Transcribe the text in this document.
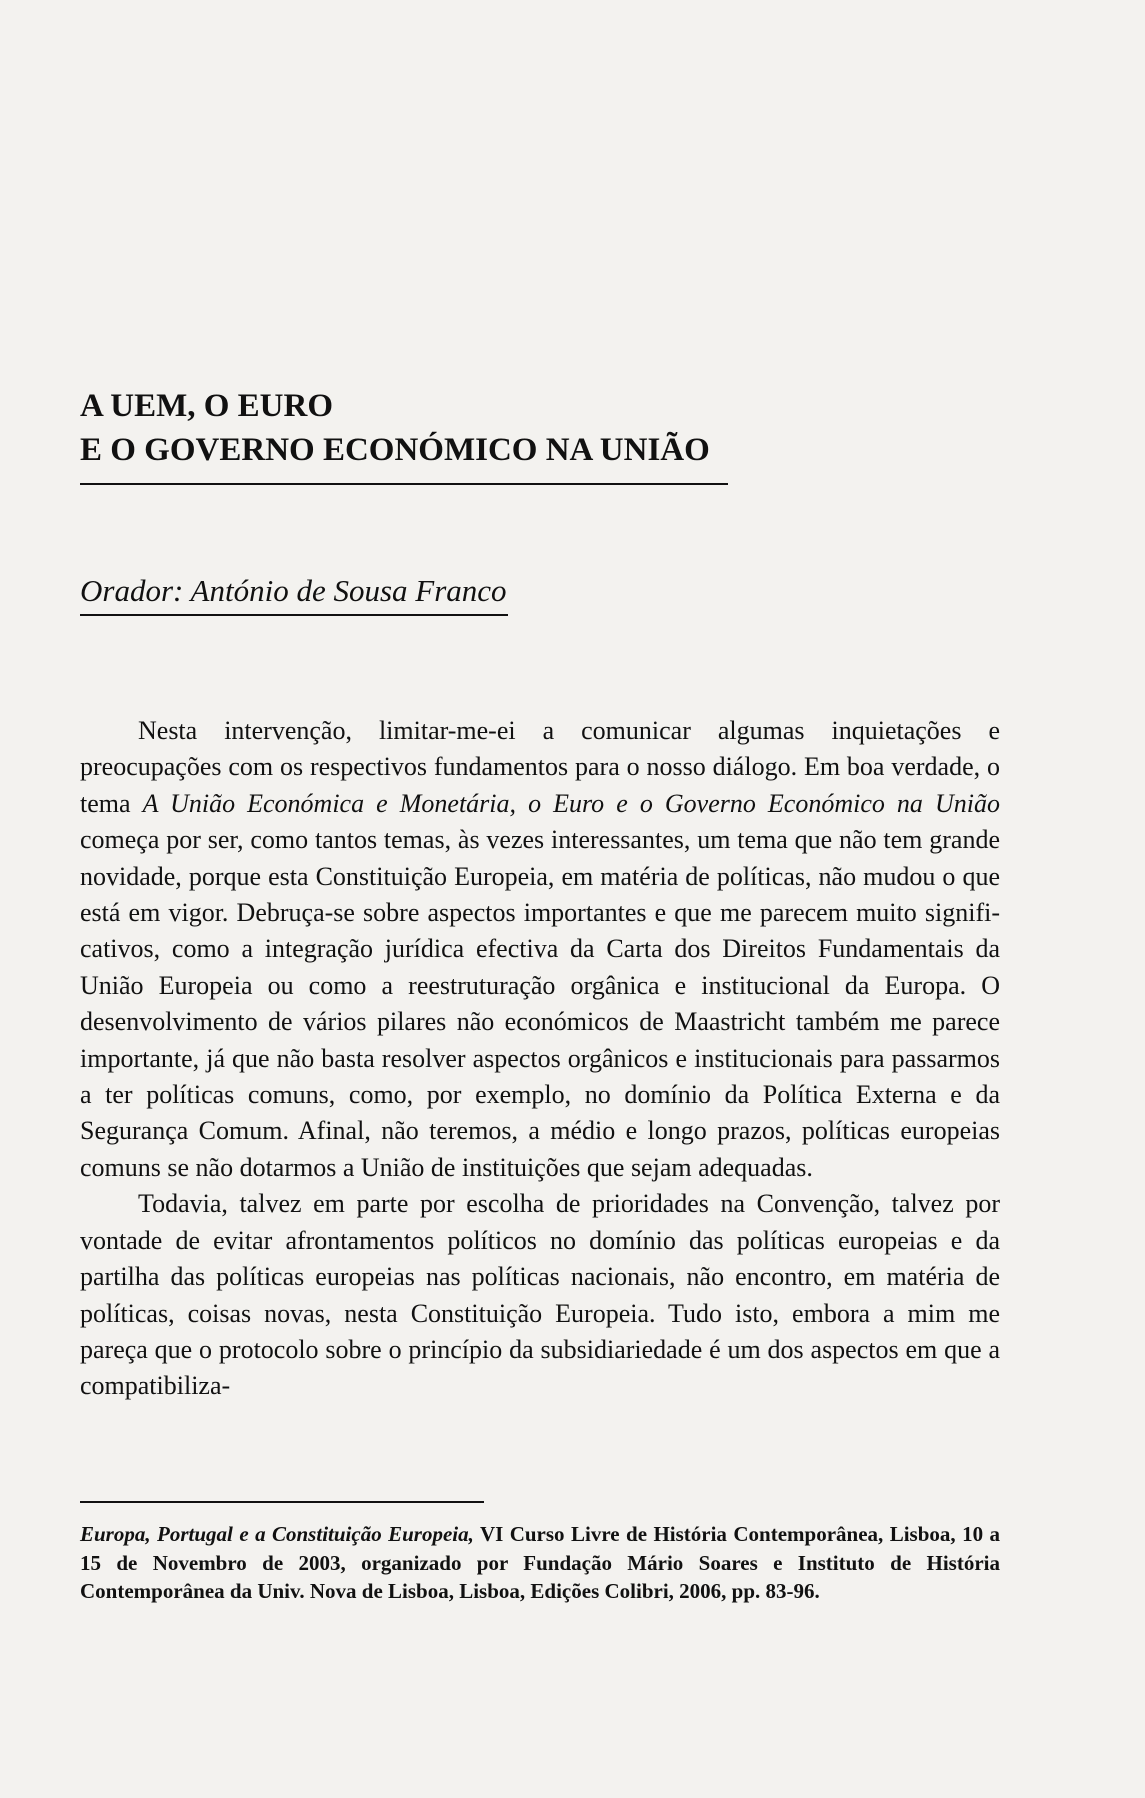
A UEM, O EURO
E O GOVERNO ECONÓMICO NA UNIÃO
Orador: António de Sousa Franco

Nesta intervenção, limitar-me-ei a comunicar algumas inquietações e preocupações com os respectivos fundamentos para o nosso diálogo. Em boa verdade, o tema A União Económica e Monetária, o Euro e o Governo Económico na União começa por ser, como tantos temas, às vezes interessantes, um tema que não tem grande novidade, porque esta Constituição Europeia, em matéria de políticas, não mudou o que está em vigor. Debruça-se sobre aspectos importantes e que me parecem muito significativos, como a integração jurídica efectiva da Carta dos Direitos Fundamentais da União Europeia ou como a reestruturação orgânica e institucional da Europa. O desenvolvimento de vários pilares não económicos de Maastricht também me parece importante, já que não basta resolver aspectos orgânicos e institucionais para passarmos a ter políticas comuns, como, por exemplo, no domínio da Política Externa e da Segurança Comum. Afinal, não teremos, a médio e longo prazos, políticas europeias comuns se não dotarmos a União de instituições que sejam adequadas.

Todavia, talvez em parte por escolha de prioridades na Convenção, talvez por vontade de evitar afrontamentos políticos no domínio das políticas europeias e da partilha das políticas europeias nas políticas nacionais, não encontro, em matéria de políticas, coisas novas, nesta Constituição Europeia. Tudo isto, embora a mim me pareça que o protocolo sobre o princípio da subsidiariedade é um dos aspectos em que a compatibiliza-

Europa, Portugal e a Constituição Europeia, VI Curso Livre de História Contemporânea, Lisboa, 10 a 15 de Novembro de 2003, organizado por Fundação Mário Soares e Instituto de História Contemporânea da Univ. Nova de Lisboa, Lisboa, Edições Colibri, 2006, pp. 83-96.
